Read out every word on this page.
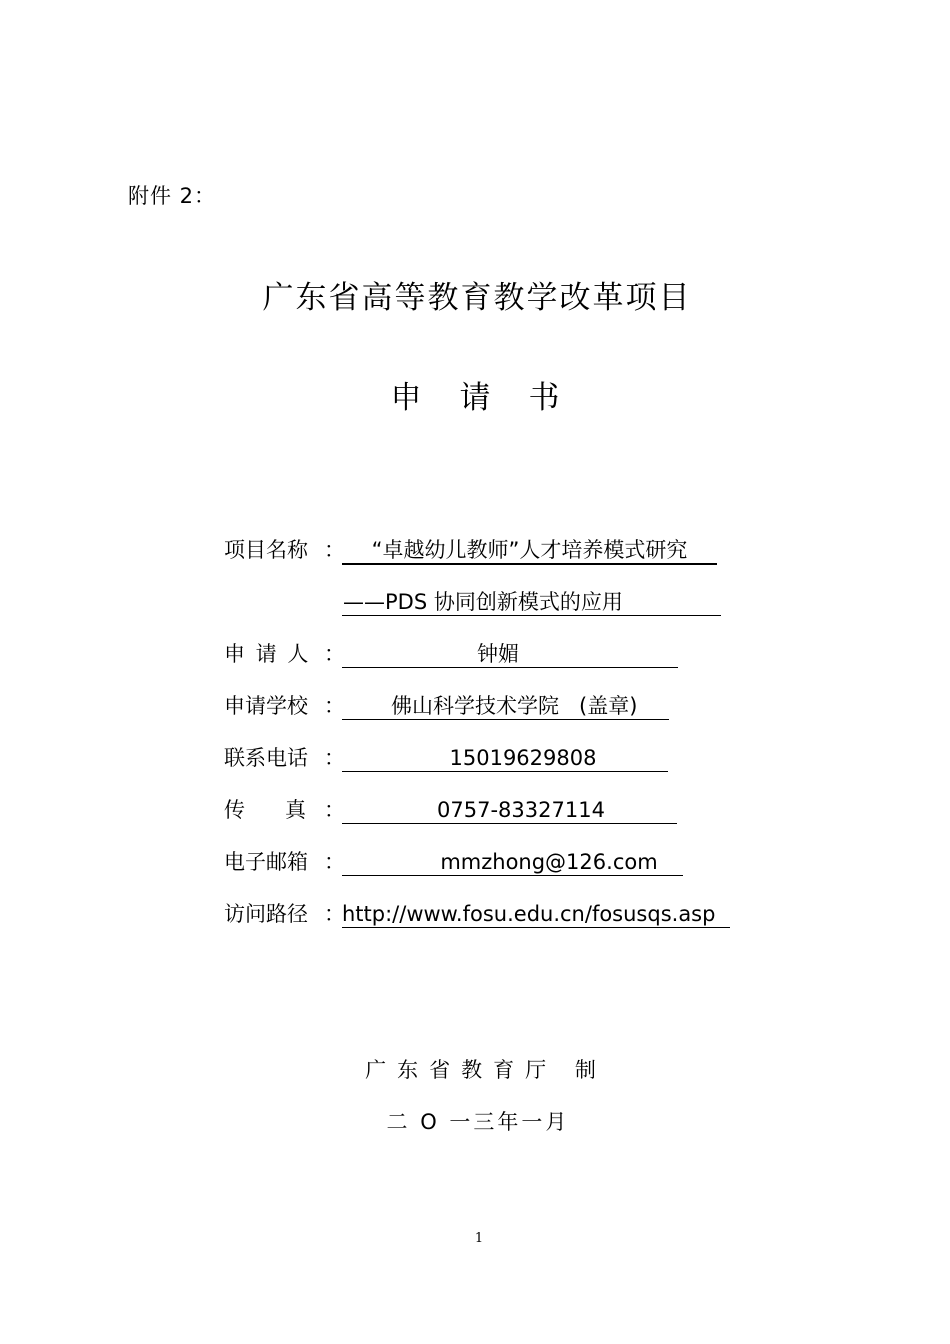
附件 2：
广东省高等教育教学改革项目
申请书
项目名称 ：	“卓越幼儿教师”人才培养模式研究
——PDS 协同创新模式的应用
申 请 人 ：	钟媚
申请学校 ： 佛山科学技术学院   (盖章)
联系电话 ：	15019629808
传      真 ：	0757-83327114
电子邮箱 ：	mmzhong@126.com
访问路径 ：
http://www.fosu.edu.cn/fosusqs.asp
广东省教育厅 制
二 O 一三年一月
1
